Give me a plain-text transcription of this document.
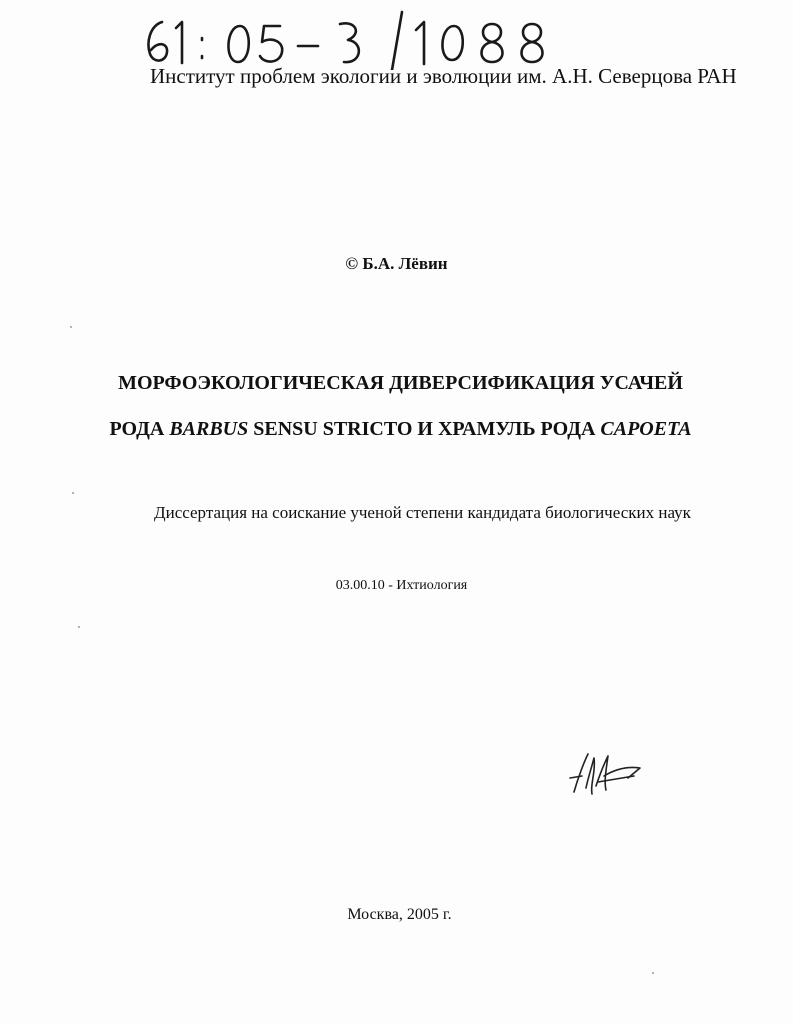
Институт проблем экологии и эволюции им. А.Н. Северцова РАН
© Б.А. Лёвин
МОРФОЭКОЛОГИЧЕСКАЯ ДИВЕРСИФИКАЦИЯ УСАЧЕЙ
РОДА BARBUS SENSU STRICTO И ХРАМУЛЬ РОДА CAPOETA
Диссертация на соискание ученой степени кандидата биологических наук
03.00.10 - Ихтиология
Москва, 2005 г.
